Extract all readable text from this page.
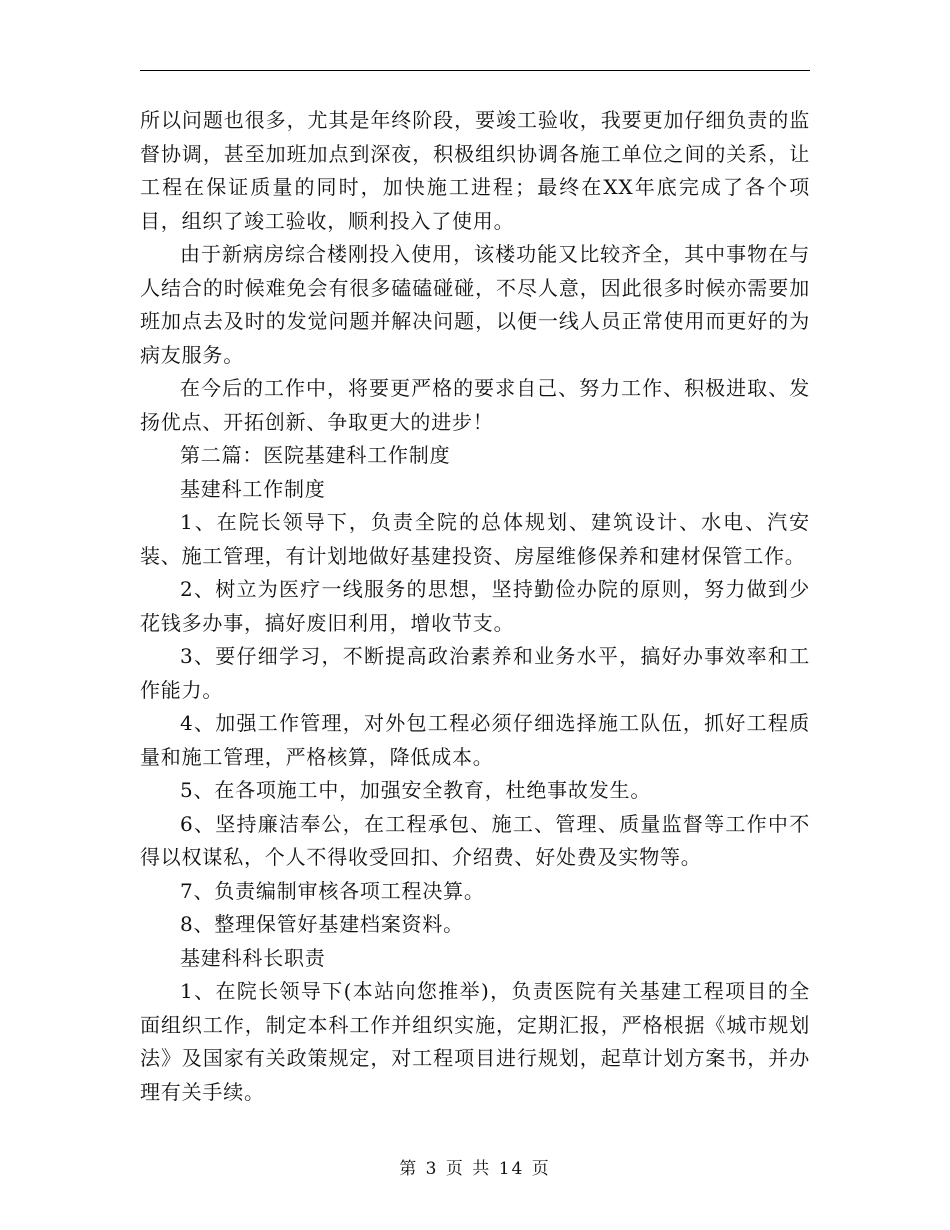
所以问题也很多，尤其是年终阶段，要竣工验收，我要更加仔细负责的监督协调，甚至加班加点到深夜，积极组织协调各施工单位之间的关系，让工程在保证质量的同时，加快施工进程；最终在XX年底完成了各个项目，组织了竣工验收，顺利投入了使用。

由于新病房综合楼刚投入使用，该楼功能又比较齐全，其中事物在与人结合的时候难免会有很多磕磕碰碰，不尽人意，因此很多时候亦需要加班加点去及时的发觉问题并解决问题，以便一线人员正常使用而更好的为病友服务。

在今后的工作中，将要更严格的要求自己、努力工作、积极进取、发扬优点、开拓创新、争取更大的进步！

第二篇：医院基建科工作制度

基建科工作制度

1、在院长领导下，负责全院的总体规划、建筑设计、水电、汽安装、施工管理，有计划地做好基建投资、房屋维修保养和建材保管工作。

2、树立为医疗一线服务的思想，坚持勤俭办院的原则，努力做到少花钱多办事，搞好废旧利用，增收节支。

3、要仔细学习，不断提高政治素养和业务水平，搞好办事效率和工作能力。

4、加强工作管理，对外包工程必须仔细选择施工队伍，抓好工程质量和施工管理，严格核算，降低成本。

5、在各项施工中，加强安全教育，杜绝事故发生。

6、坚持廉洁奉公，在工程承包、施工、管理、质量监督等工作中不得以权谋私，个人不得收受回扣、介绍费、好处费及实物等。

7、负责编制审核各项工程决算。

8、整理保管好基建档案资料。

基建科科长职责

1、在院长领导下(本站向您推举)，负责医院有关基建工程项目的全面组织工作，制定本科工作并组织实施，定期汇报，严格根据《城市规划法》及国家有关政策规定，对工程项目进行规划，起草计划方案书，并办理有关手续。

第 3 页 共 14 页
